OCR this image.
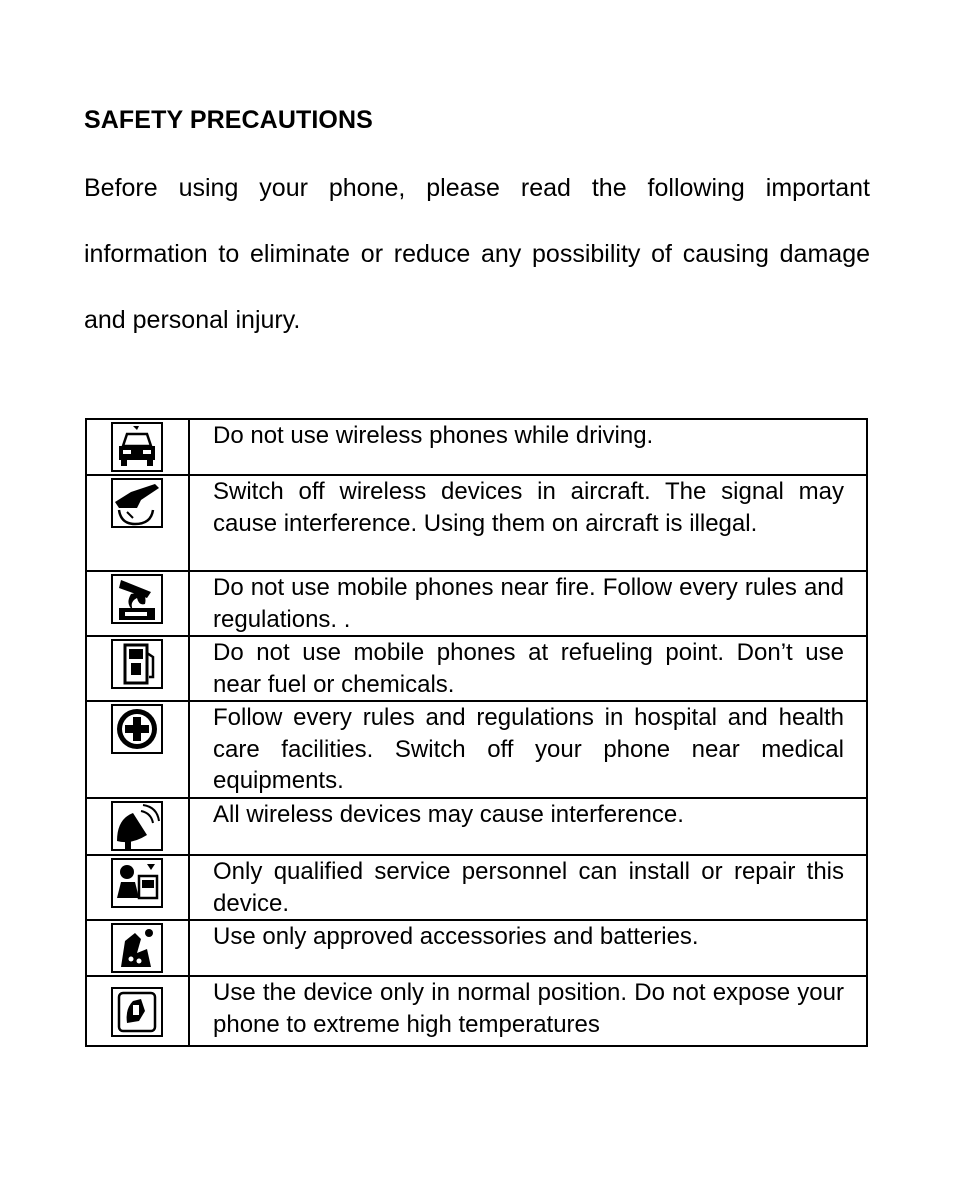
SAFETY PRECAUTIONS

Before using your phone, please read the following important information to eliminate or reduce any possibility of causing damage and personal injury.

	Do not use wireless phones while driving.

	Switch off wireless devices in aircraft. The signal may cause interference. Using them on aircraft is illegal.

	Do not use mobile phones near fire. Follow every rules and regulations. .

	Do not use mobile phones at refueling point. Don’t use near fuel or chemicals.

	Follow every rules and regulations in hospital and health care facilities. Switch off your phone near medical equipments.

	All wireless devices may cause interference.

	Only qualified service personnel can install or repair this device.

	Use only approved accessories and batteries.

	Use the device only in normal position. Do not expose your phone to extreme high temperatures
